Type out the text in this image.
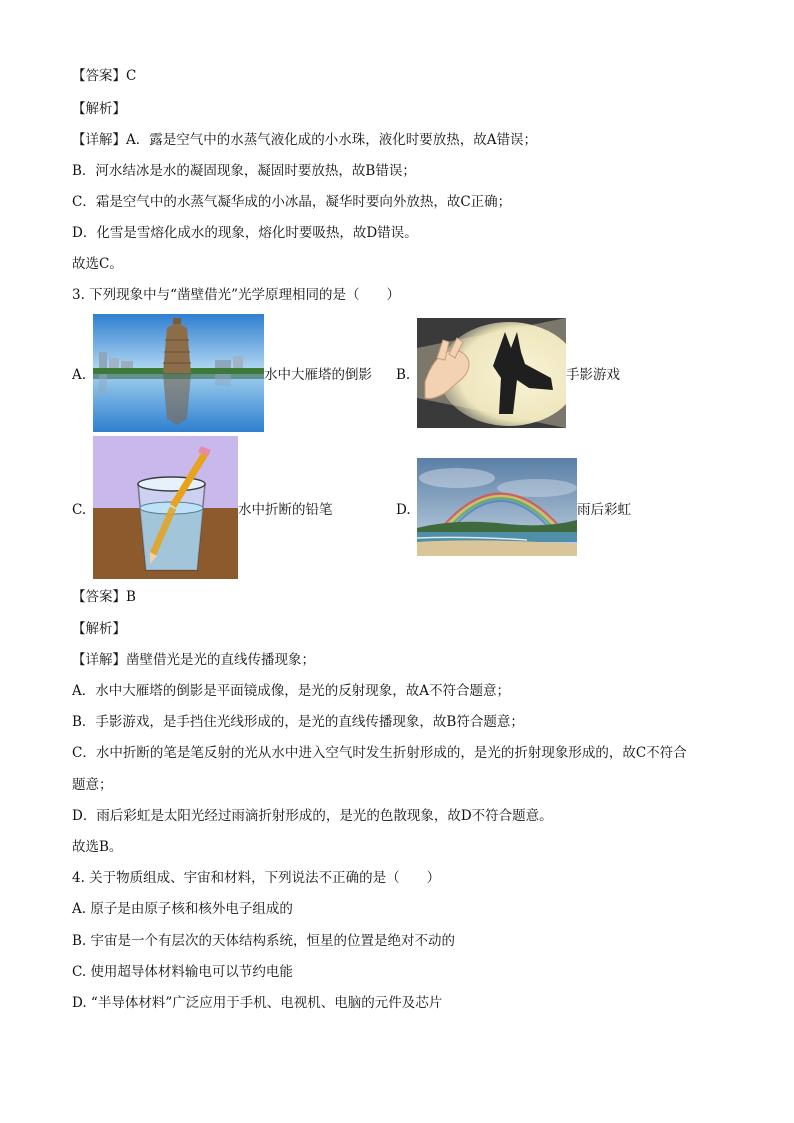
【答案】C
【解析】
【详解】A．露是空气中的水蒸气液化成的小水珠，液化时要放热，故A错误；
B．河水结冰是水的凝固现象，凝固时要放热，故B错误；
C．霜是空气中的水蒸气凝华成的小冰晶，凝华时要向外放热，故C正确；
D．化雪是雪熔化成水的现象，熔化时要吸热，故D错误。
故选C。
3. 下列现象中与“凿壁借光”光学原理相同的是（　　）
A.	水中大雁塔的倒影 B.	手影游戏
C.	水中折断的铅笔	D.	雨后彩虹
【答案】B
【解析】
【详解】凿壁借光是光的直线传播现象；
A．水中大雁塔的倒影是平面镜成像，是光的反射现象，故A不符合题意；
B．手影游戏，是手挡住光线形成的，是光的直线传播现象，故B符合题意；
C．水中折断的笔是笔反射的光从水中进入空气时发生折射形成的，是光的折射现象形成的，故C不符合
题意；
D．雨后彩虹是太阳光经过雨滴折射形成的，是光的色散现象，故D不符合题意。
故选B。
4. 关于物质组成、宇宙和材料，下列说法不正确的是（　　）
A. 原子是由原子核和核外电子组成的
B. 宇宙是一个有层次的天体结构系统，恒星的位置是绝对不动的
C. 使用超导体材料输电可以节约电能
D. “半导体材料”广泛应用于手机、电视机、电脑的元件及芯片
